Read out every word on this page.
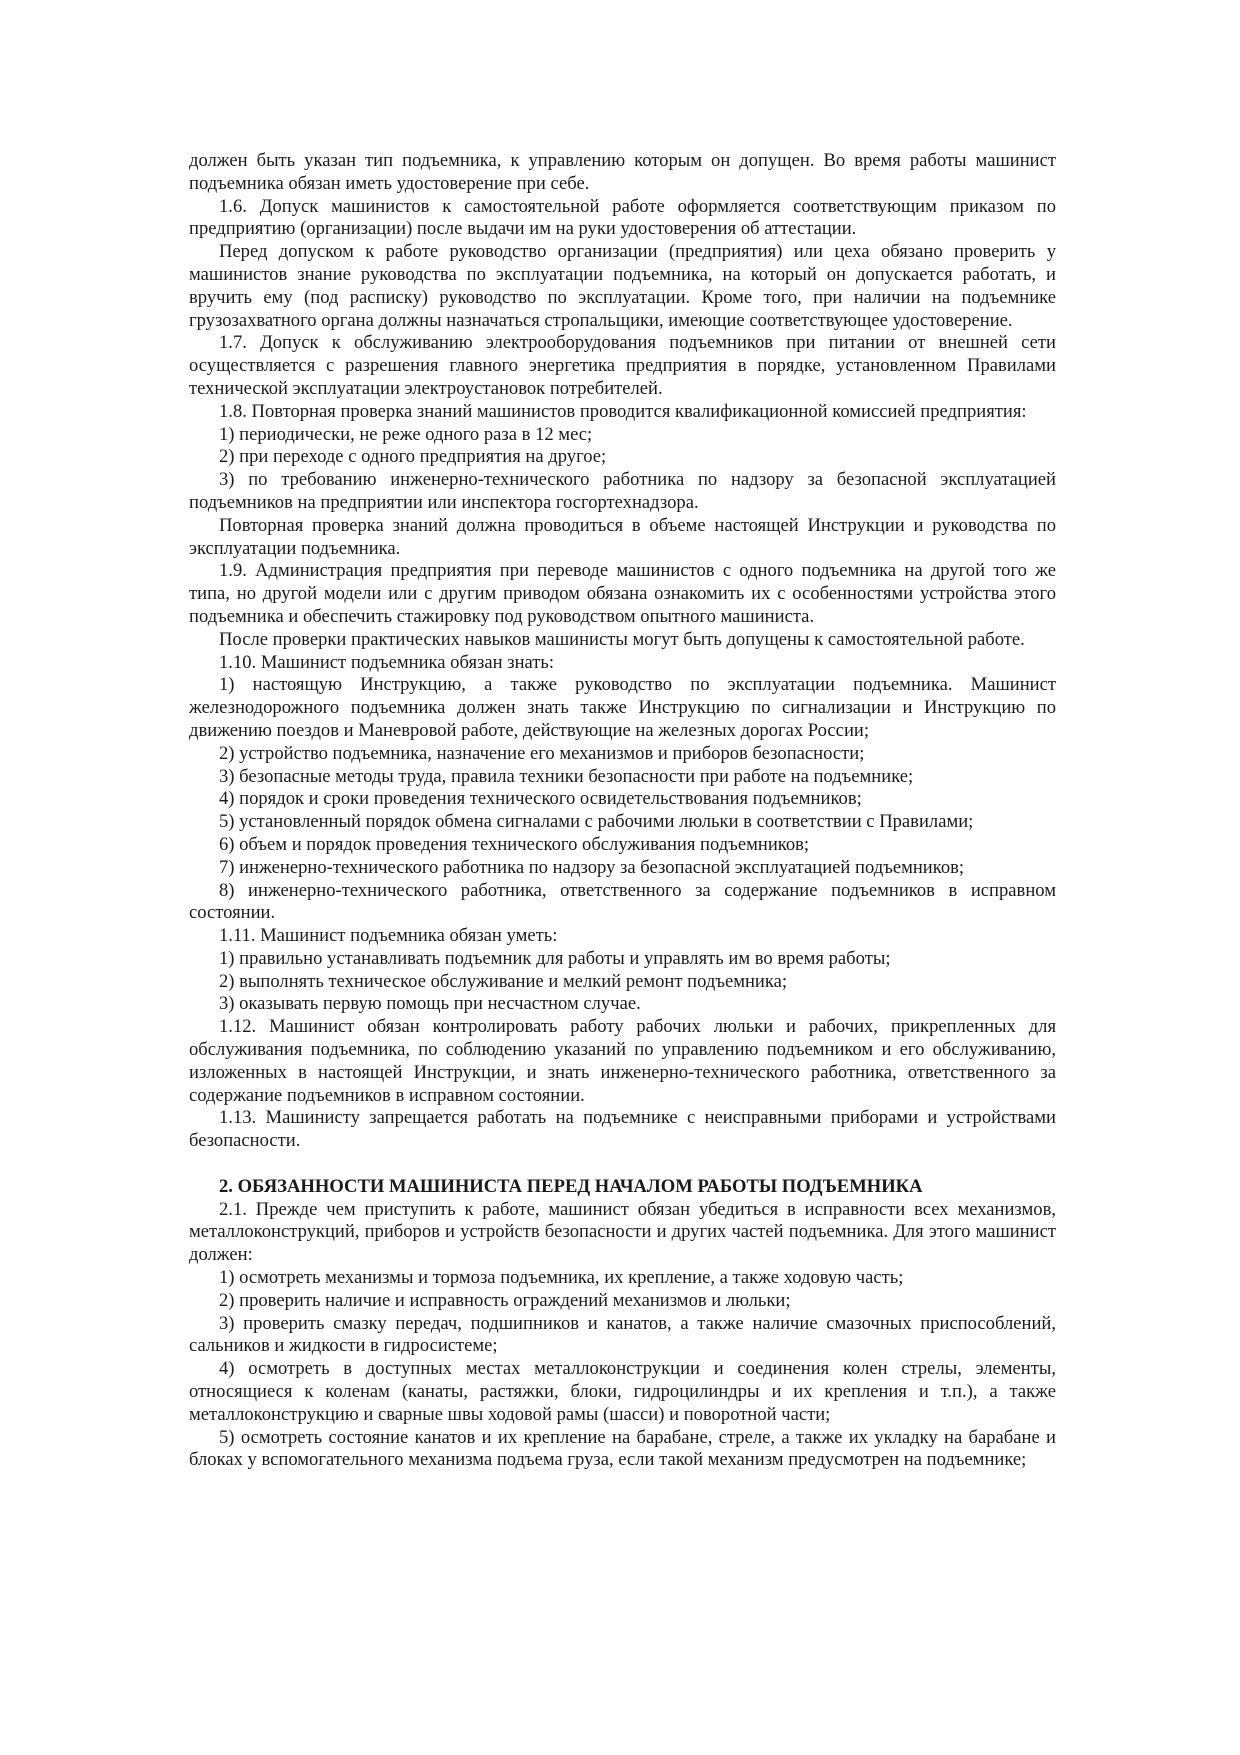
должен быть указан тип подъемника, к управлению которым он допущен. Во время работы машинист подъемника обязан иметь удостоверение при себе.

1.6. Допуск машинистов к самостоятельной работе оформляется соответствующим приказом по предприятию (организации) после выдачи им на руки удостоверения об аттестации.

Перед допуском к работе руководство организации (предприятия) или цеха обязано проверить у машинистов знание руководства по эксплуатации подъемника, на который он допускается работать, и вручить ему (под расписку) руководство по эксплуатации. Кроме того, при наличии на подъемнике грузозахватного органа должны назначаться стропальщики, имеющие соответствующее удостоверение.

1.7. Допуск к обслуживанию электрооборудования подъемников при питании от внешней сети осуществляется с разрешения главного энергетика предприятия в порядке, установленном Правилами технической эксплуатации электроустановок потребителей.

1.8. Повторная проверка знаний машинистов проводится квалификационной комиссией предприятия:

1) периодически, не реже одного раза в 12 мес;

2) при переходе с одного предприятия на другое;

3) по требованию инженерно-технического работника по надзору за безопасной эксплуатацией подъемников на предприятии или инспектора госгортехнадзора.

Повторная проверка знаний должна проводиться в объеме настоящей Инструкции и руководства по эксплуатации подъемника.

1.9. Администрация предприятия при переводе машинистов с одного подъемника на другой того же типа, но другой модели или с другим приводом обязана ознакомить их с особенностями устройства этого подъемника и обеспечить стажировку под руководством опытного машиниста.

После проверки практических навыков машинисты могут быть допущены к самостоятельной работе.

1.10. Машинист подъемника обязан знать:

1) настоящую Инструкцию, а также руководство по эксплуатации подъемника. Машинист железнодорожного подъемника должен знать также Инструкцию по сигнализации и Инструкцию по движению поездов и Маневровой работе, действующие на железных дорогах России;

2) устройство подъемника, назначение его механизмов и приборов безопасности;

3) безопасные методы труда, правила техники безопасности при работе на подъемнике;

4) порядок и сроки проведения технического освидетельствования подъемников;

5) установленный порядок обмена сигналами с рабочими люльки в соответствии с Правилами;

6) объем и порядок проведения технического обслуживания подъемников;

7) инженерно-технического работника по надзору за безопасной эксплуатацией подъемников;

8) инженерно-технического работника, ответственного за содержание подъемников в исправном состоянии.

1.11. Машинист подъемника обязан уметь:

1) правильно устанавливать подъемник для работы и управлять им во время работы;

2) выполнять техническое обслуживание и мелкий ремонт подъемника;

3) оказывать первую помощь при несчастном случае.

1.12. Машинист обязан контролировать работу рабочих люльки и рабочих, прикрепленных для обслуживания подъемника, по соблюдению указаний по управлению подъемником и его обслуживанию, изложенных в настоящей Инструкции, и знать инженерно-технического работника, ответственного за содержание подъемников в исправном состоянии.

1.13. Машинисту запрещается работать на подъемнике с неисправными приборами и устройствами безопасности.

2. ОБЯЗАННОСТИ МАШИНИСТА ПЕРЕД НАЧАЛОМ РАБОТЫ ПОДЪЕМНИКА

2.1. Прежде чем приступить к работе, машинист обязан убедиться в исправности всех механизмов, металлоконструкций, приборов и устройств безопасности и других частей подъемника. Для этого машинист должен:

1) осмотреть механизмы и тормоза подъемника, их крепление, а также ходовую часть;

2) проверить наличие и исправность ограждений механизмов и люльки;

3) проверить смазку передач, подшипников и канатов, а также наличие смазочных приспособлений, сальников и жидкости в гидросистеме;

4) осмотреть в доступных местах металлоконструкции и соединения колен стрелы, элементы, относящиеся к коленам (канаты, растяжки, блоки, гидроцилиндры и их крепления и т.п.), а также металлоконструкцию и сварные швы ходовой рамы (шасси) и поворотной части;

5) осмотреть состояние канатов и их крепление на барабане, стреле, а также их укладку на барабане и блоках у вспомогательного механизма подъема груза, если такой механизм предусмотрен на подъемнике;
